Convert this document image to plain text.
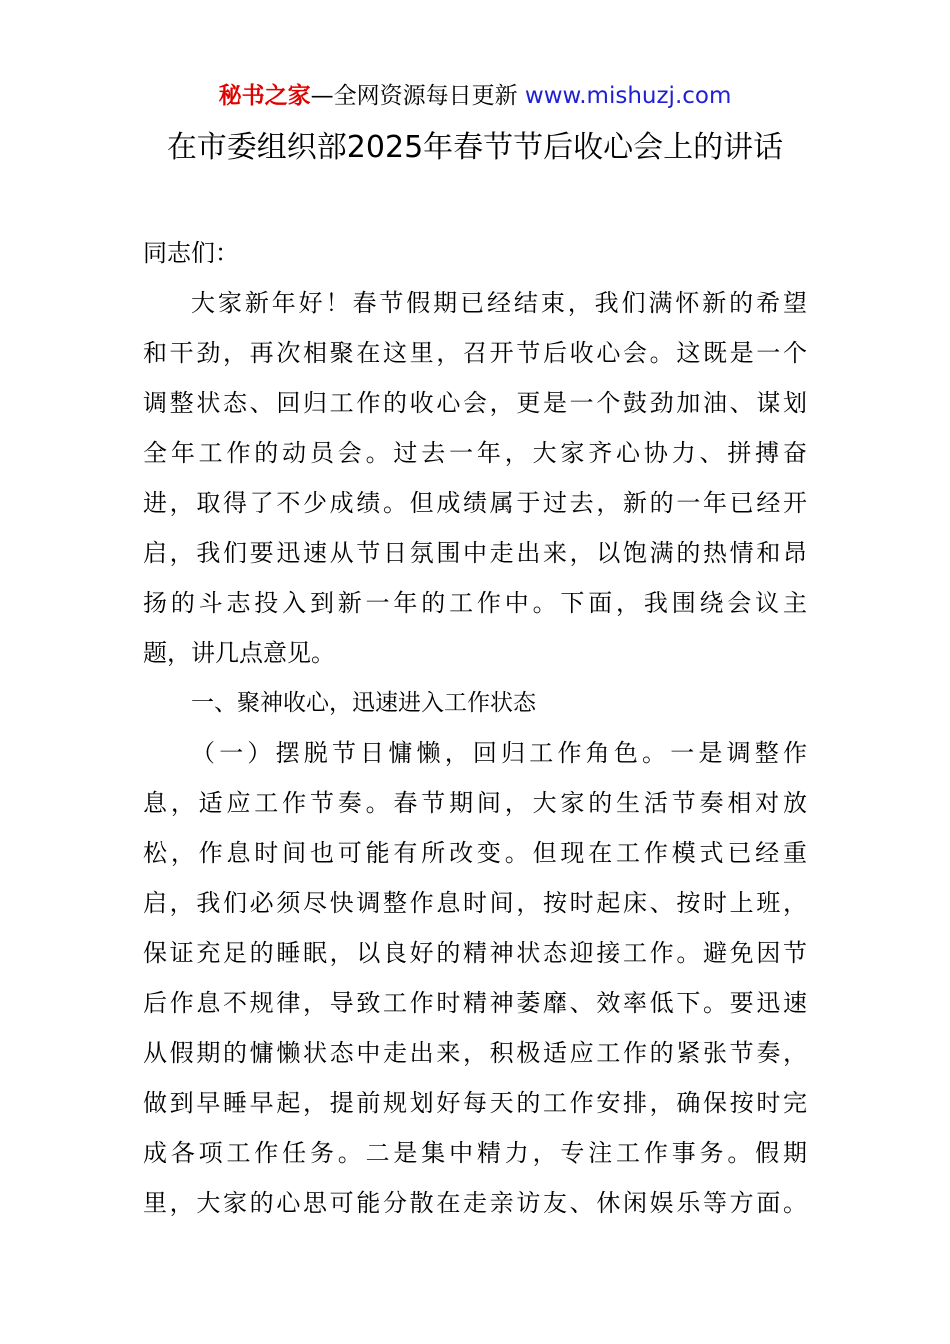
秘书之家—全网资源每日更新 www.mishuzj.com
在市委组织部2025年春节节后收心会上的讲话
同志们：
大家新年好！春节假期已经结束，我们满怀新的希望
和干劲，再次相聚在这里，召开节后收心会。这既是一个
调整状态、回归工作的收心会，更是一个鼓劲加油、谋划
全年工作的动员会。过去一年，大家齐心协力、拼搏奋
进，取得了不少成绩。但成绩属于过去，新的一年已经开
启，我们要迅速从节日氛围中走出来，以饱满的热情和昂
扬的斗志投入到新一年的工作中。下面，我围绕会议主
题，讲几点意见。
一、聚神收心，迅速进入工作状态
（一）摆脱节日慵懒，回归工作角色。一是调整作
息，适应工作节奏。春节期间，大家的生活节奏相对放
松，作息时间也可能有所改变。但现在工作模式已经重
启，我们必须尽快调整作息时间，按时起床、按时上班，
保证充足的睡眠，以良好的精神状态迎接工作。避免因节
后作息不规律，导致工作时精神萎靡、效率低下。要迅速
从假期的慵懒状态中走出来，积极适应工作的紧张节奏，
做到早睡早起，提前规划好每天的工作安排，确保按时完
成各项工作任务。二是集中精力，专注工作事务。假期
里，大家的心思可能分散在走亲访友、休闲娱乐等方面。
